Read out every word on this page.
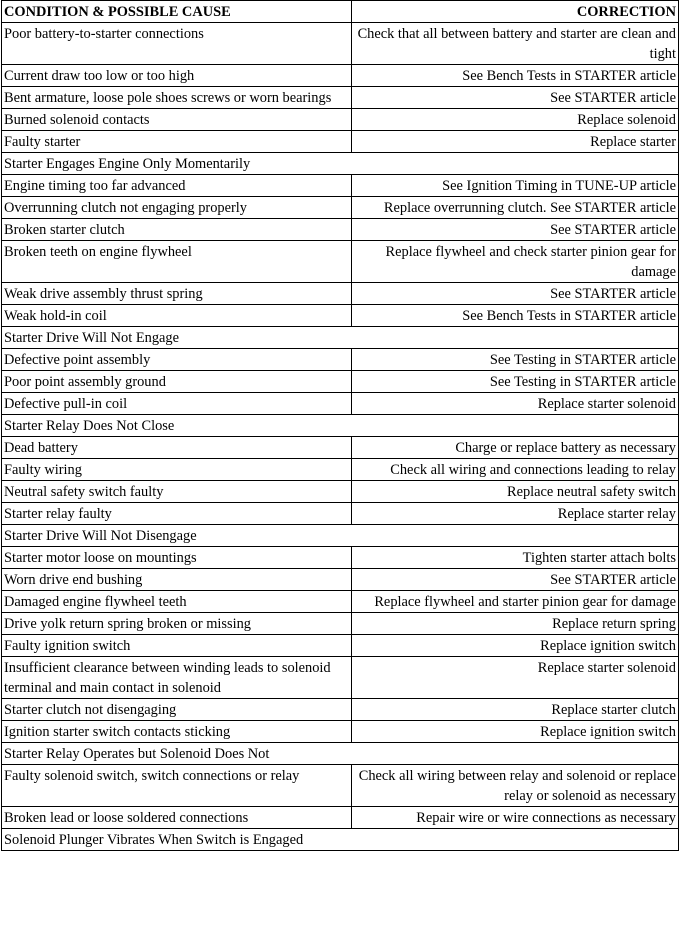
CONDITION & POSSIBLE CAUSE	CORRECTION
Poor battery-to-starter connections	Check that all between battery and starter are clean and tight
Current draw too low or too high	See Bench Tests in STARTER article
Bent armature, loose pole shoes screws or worn bearings	See STARTER article
Burned solenoid contacts	Replace solenoid
Faulty starter	Replace starter
Starter Engages Engine Only Momentarily	
Engine timing too far advanced	See Ignition Timing in TUNE-UP article
Overrunning clutch not engaging properly	Replace overrunning clutch. See STARTER article
Broken starter clutch	See STARTER article
Broken teeth on engine flywheel	Replace flywheel and check starter pinion gear for damage
Weak drive assembly thrust spring	See STARTER article
Weak hold-in coil	See Bench Tests in STARTER article
Starter Drive Will Not Engage	
Defective point assembly	See Testing in STARTER article
Poor point assembly ground	See Testing in STARTER article
Defective pull-in coil	Replace starter solenoid
Starter Relay Does Not Close	
Dead battery	Charge or replace battery as necessary
Faulty wiring	Check all wiring and connections leading to relay
Neutral safety switch faulty	Replace neutral safety switch
Starter relay faulty	Replace starter relay
Starter Drive Will Not Disengage	
Starter motor loose on mountings	Tighten starter attach bolts
Worn drive end bushing	See STARTER article
Damaged engine flywheel teeth	Replace flywheel and starter pinion gear for damage
Drive yolk return spring broken or missing	Replace return spring
Faulty ignition switch	Replace ignition switch
Insufficient clearance between winding leads to solenoid terminal and main contact in solenoid	Replace starter solenoid
Starter clutch not disengaging	Replace starter clutch
Ignition starter switch contacts sticking	Replace ignition switch
Starter Relay Operates but Solenoid Does Not	
Faulty solenoid switch, switch connections or relay	Check all wiring between relay and solenoid or replace relay or solenoid as necessary
Broken lead or loose soldered connections	Repair wire or wire connections as necessary
Solenoid Plunger Vibrates When Switch is Engaged	
